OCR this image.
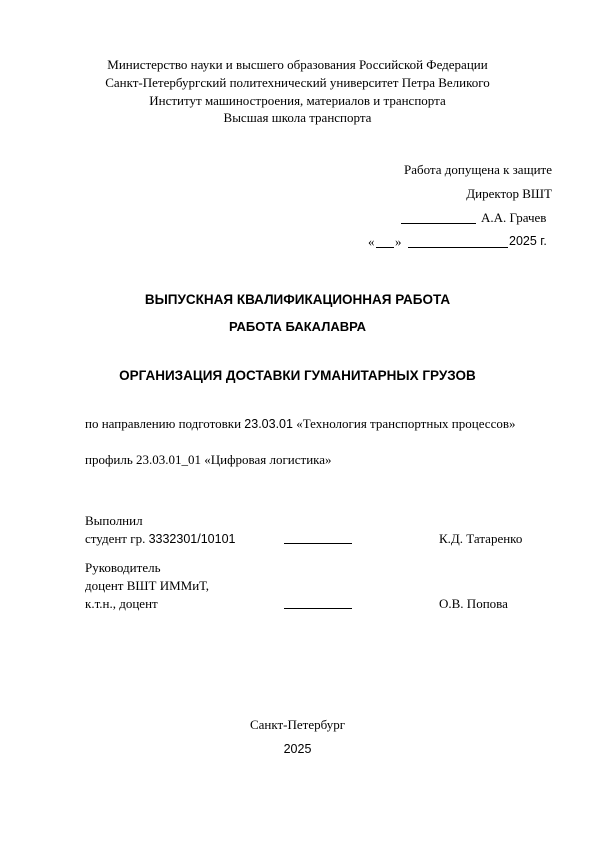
Министерство науки и высшего образования Российской Федерации
Санкт-Петербургский политехнический университет Петра Великого
Институт машиностроения, материалов и транспорта
Высшая школа транспорта
Работа допущена к защите
Директор ВШТ
А.А. Грачев
« »	2025 г.
ВЫПУСКНАЯ КВАЛИФИКАЦИОННАЯ РАБОТА
РАБОТА БАКАЛАВРА
ОРГАНИЗАЦИЯ ДОСТАВКИ ГУМАНИТАРНЫХ ГРУЗОВ
по направлению подготовки 23.03.01 «Технология транспортных процессов»
профиль 23.03.01_01 «Цифровая логистика»
Выполнил
студент гр. 3332301/10101	К.Д. Татаренко
Руководитель
доцент ВШТ ИММиТ,
к.т.н., доцент	О.В. Попова
Санкт-Петербург
2025
